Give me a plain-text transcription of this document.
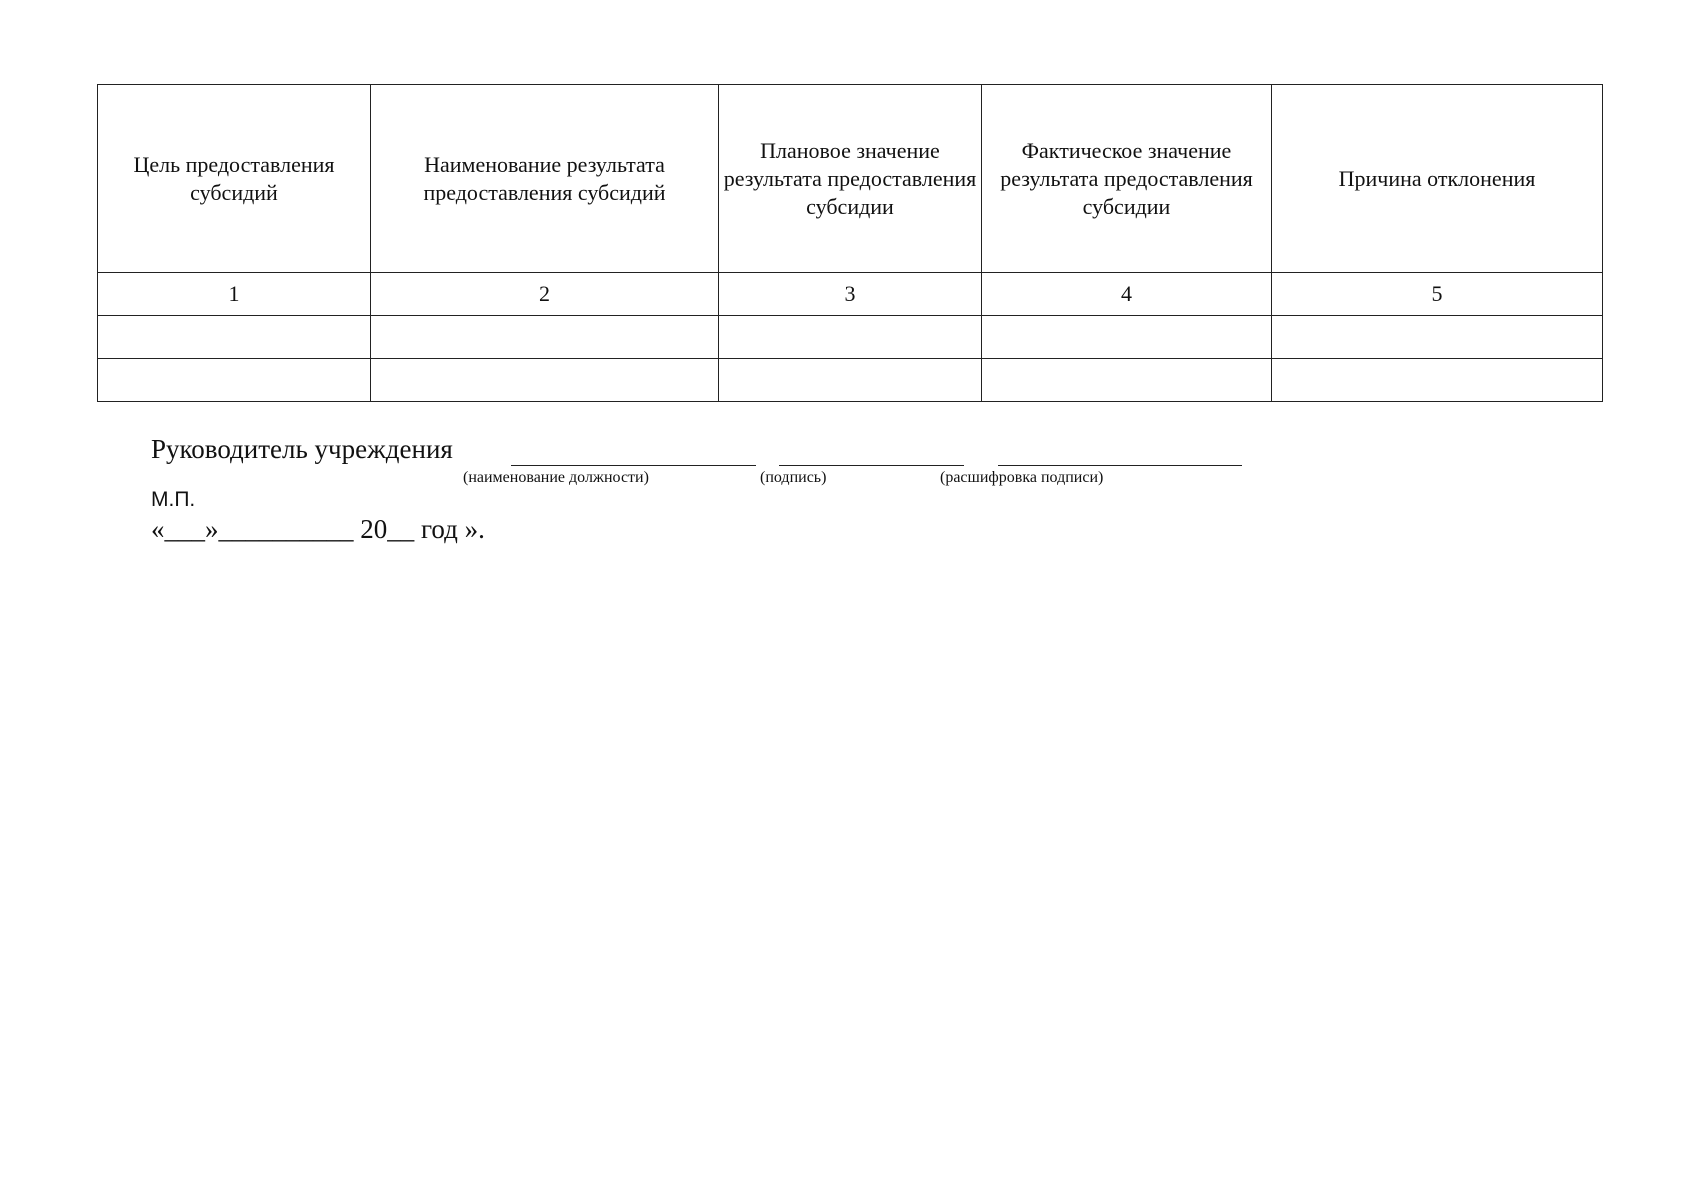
Цель предоставления субсидий	Наименование результата предоставления субсидий	Плановое значение результата предоставления субсидии	Фактическое значение результата предоставления субсидии	Причина отклонения
1	2	3	4	5

Руководитель учреждения
(наименование должности)	(подпись)	(расшифровка подписи)
М.П.
«___»__________ 20__ год ».
